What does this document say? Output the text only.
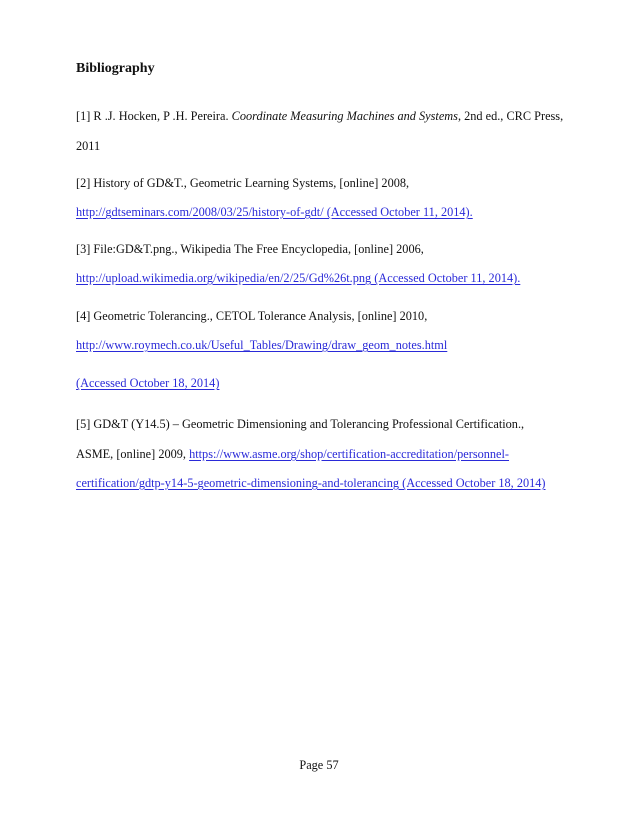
Bibliography
[1] R .J. Hocken, P .H. Pereira. Coordinate Measuring Machines and Systems, 2nd ed., CRC Press,
2011
[2] History of GD&T., Geometric Learning Systems, [online] 2008,
http://gdtseminars.com/2008/03/25/history-of-gdt/ (Accessed October 11, 2014).
[3] File:GD&T.png., Wikipedia The Free Encyclopedia, [online] 2006,
http://upload.wikimedia.org/wikipedia/en/2/25/Gd%26t.png (Accessed October 11, 2014).
[4] Geometric Tolerancing., CETOL Tolerance Analysis, [online] 2010,
http://www.roymech.co.uk/Useful_Tables/Drawing/draw_geom_notes.html
(Accessed October 18, 2014)
[5] GD&T (Y14.5) – Geometric Dimensioning and Tolerancing Professional Certification.,
ASME, [online] 2009, https://www.asme.org/shop/certification-accreditation/personnel-
certification/gdtp-y14-5-geometric-dimensioning-and-tolerancing (Accessed October 18, 2014)
Page 57
